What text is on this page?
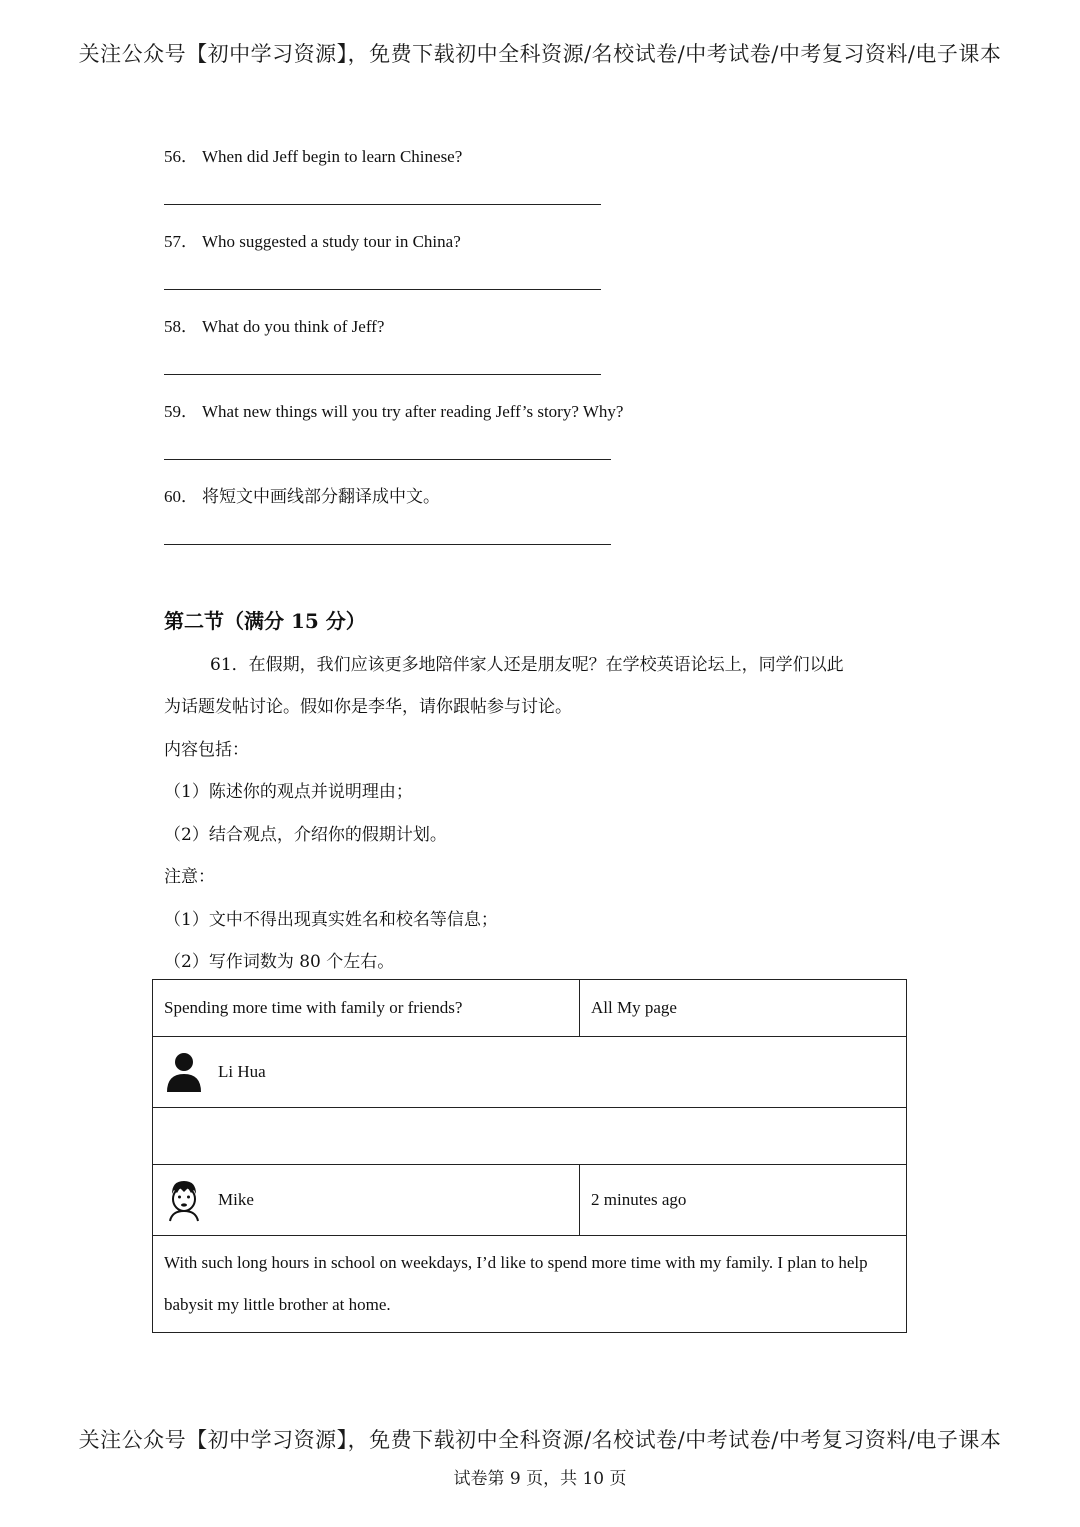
关注公众号【初中学习资源】，免费下载初中全科资源/名校试卷/中考试卷/中考复习资料/电子课本
56． When did Jeff begin to learn Chinese?
57． Who suggested a study tour in China?
58． What do you think of Jeff?
59． What new things will you try after reading Jeff’s story? Why?
60． 将短文中画线部分翻译成中文。
第二节（满分 15 分）
61．在假期，我们应该更多地陪伴家人还是朋友呢？在学校英语论坛上，同学们以此
为话题发帖讨论。假如你是李华，请你跟帖参与讨论。
内容包括：
（1）陈述你的观点并说明理由；
（2）结合观点，介绍你的假期计划。
注意：
（1）文中不得出现真实姓名和校名等信息；
（2）写作词数为 80 个左右。
Spending more time with family or friends?	All My page

Li Hua	

Mike	2 minutes ago
With such long hours in school on weekdays, I’d like to spend more time with my family. I plan to help babysit my little brother at home.	
关注公众号【初中学习资源】，免费下载初中全科资源/名校试卷/中考试卷/中考复习资料/电子课本
试卷第 9 页，共 10 页
